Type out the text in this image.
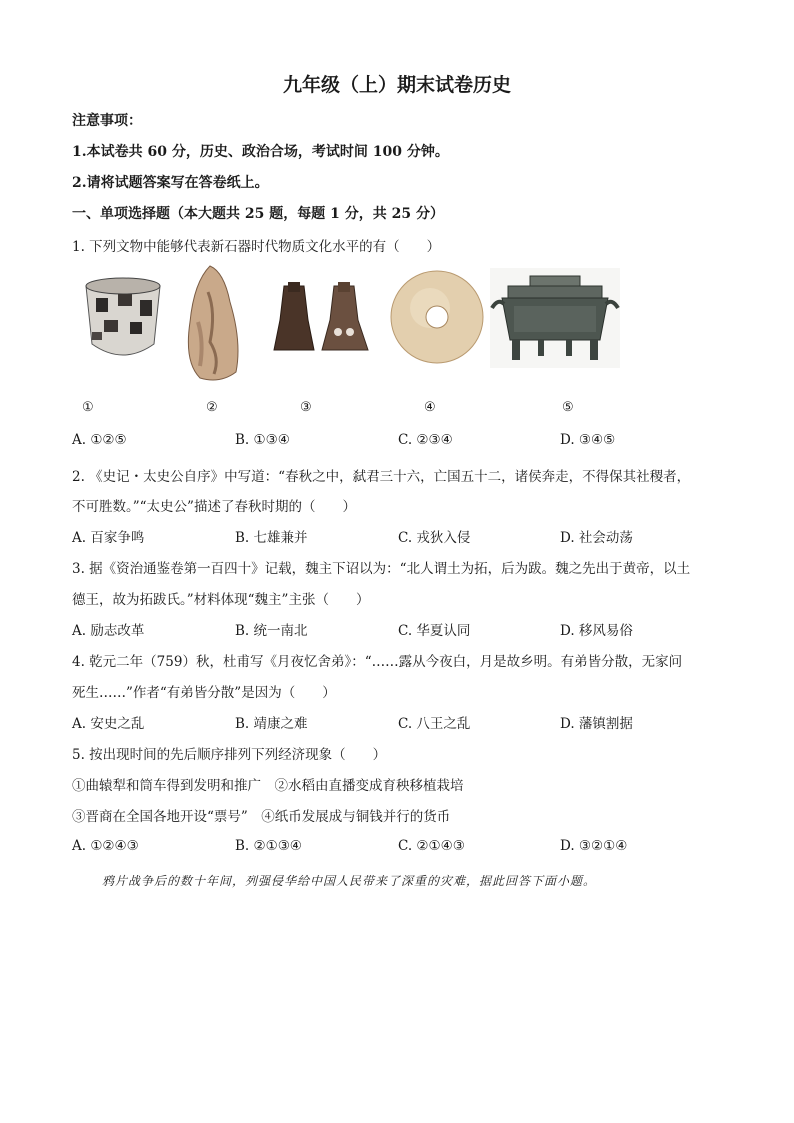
九年级（上）期末试卷历史
注意事项：
1.本试卷共 60 分，历史、政治合场，考试时间 100 分钟。
2.请将试题答案写在答卷纸上。
一、单项选择题（本大题共 25 题，每题 1 分，共 25 分）
1. 下列文物中能够代表新石器时代物质文化水平的有（　　）
①	②	③	④	⑤
A. ①②⑤	B. ①③④	C. ②③④	D. ③④⑤
2. 《史记・太史公自序》中写道：“春秋之中，弑君三十六，亡国五十二，诸侯奔走，不得保其社稷者，
不可胜数。”“太史公”描述了春秋时期的（　　）
A. 百家争鸣	B. 七雄兼并	C. 戎狄入侵	D. 社会动荡
3. 据《资治通鉴卷第一百四十》记载，魏主下诏以为：“北人谓土为拓，后为跋。魏之先出于黄帝，以土
德王，故为拓跋氏。”材料体现“魏主”主张（　　）
A. 励志改革	B. 统一南北	C. 华夏认同	D. 移风易俗
4. 乾元二年（759）秋，杜甫写《月夜忆舍弟》：“……露从今夜白，月是故乡明。有弟皆分散，无家问
死生……”作者“有弟皆分散”是因为（　　）
A. 安史之乱	B. 靖康之难	C. 八王之乱	D. 藩镇割据
5. 按出现时间的先后顺序排列下列经济现象（　　）
①曲辕犁和筒车得到发明和推广　②水稻由直播变成育秧移植栽培
③晋商在全国各地开设“票号”　④纸币发展成与铜钱并行的货币
A. ①②④③	B. ②①③④	C. ②①④③	D. ③②①④
鸦片战争后的数十年间，列强侵华给中国人民带来了深重的灾难，据此回答下面小题。
